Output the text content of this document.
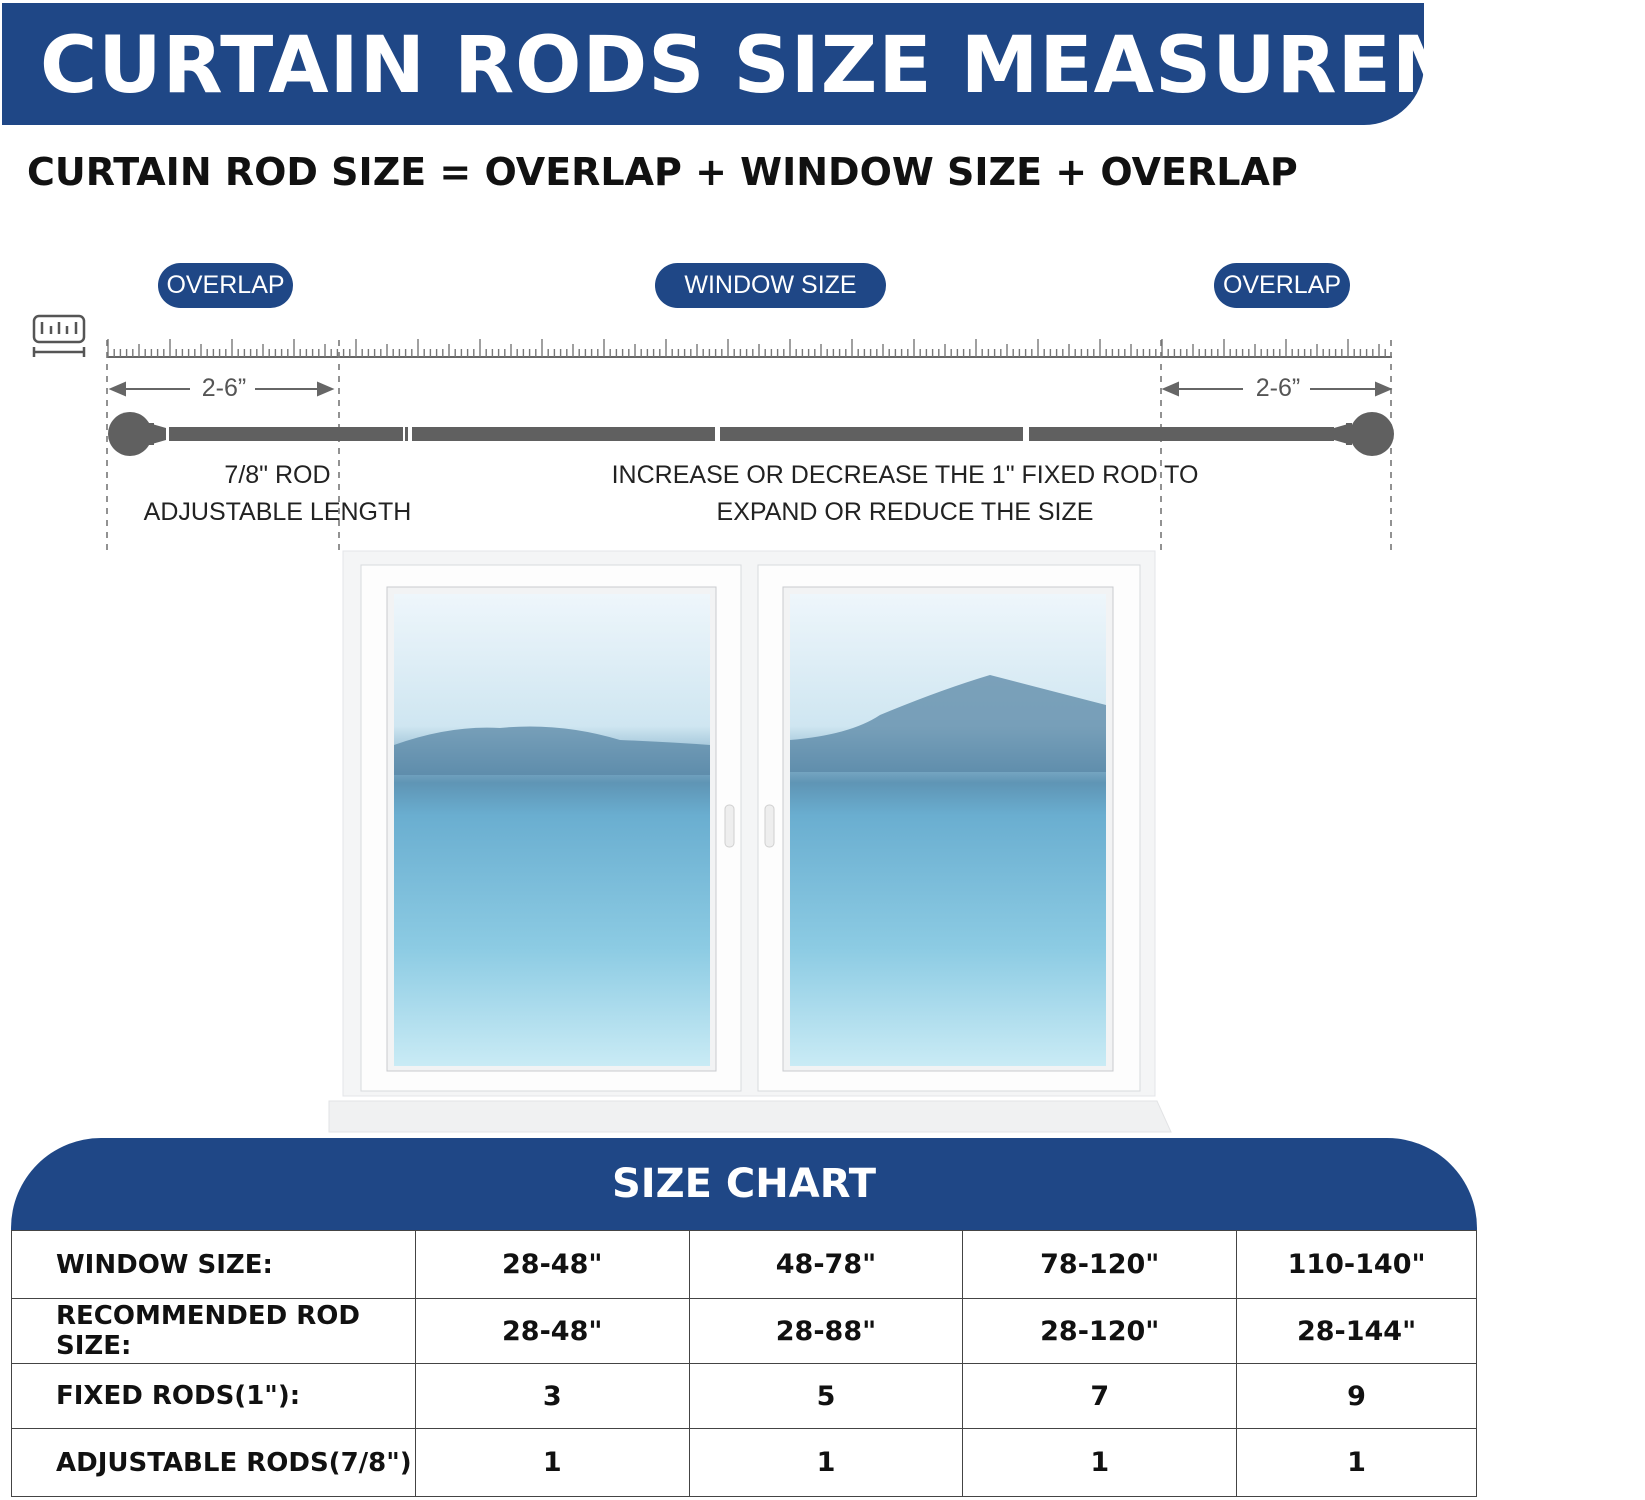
CURTAIN RODS SIZE MEASUREMENT
CURTAIN ROD SIZE = OVERLAP + WINDOW SIZE + OVERLAP
OVERLAP	WINDOW SIZE	OVERLAP
2-6”	2-6”
7/8" ROD
ADJUSTABLE LENGTH
INCREASE OR DECREASE THE 1" FIXED ROD TO
EXPAND OR REDUCE THE SIZE
SIZE CHART
WINDOW SIZE:	28-48"	48-78"	78-120"	110-140"
RECOMMENDED ROD SIZE:	28-48"	28-88"	28-120"	28-144"
FIXED RODS(1"):	3	5	7	9
ADJUSTABLE RODS(7/8")	1	1	1	1
